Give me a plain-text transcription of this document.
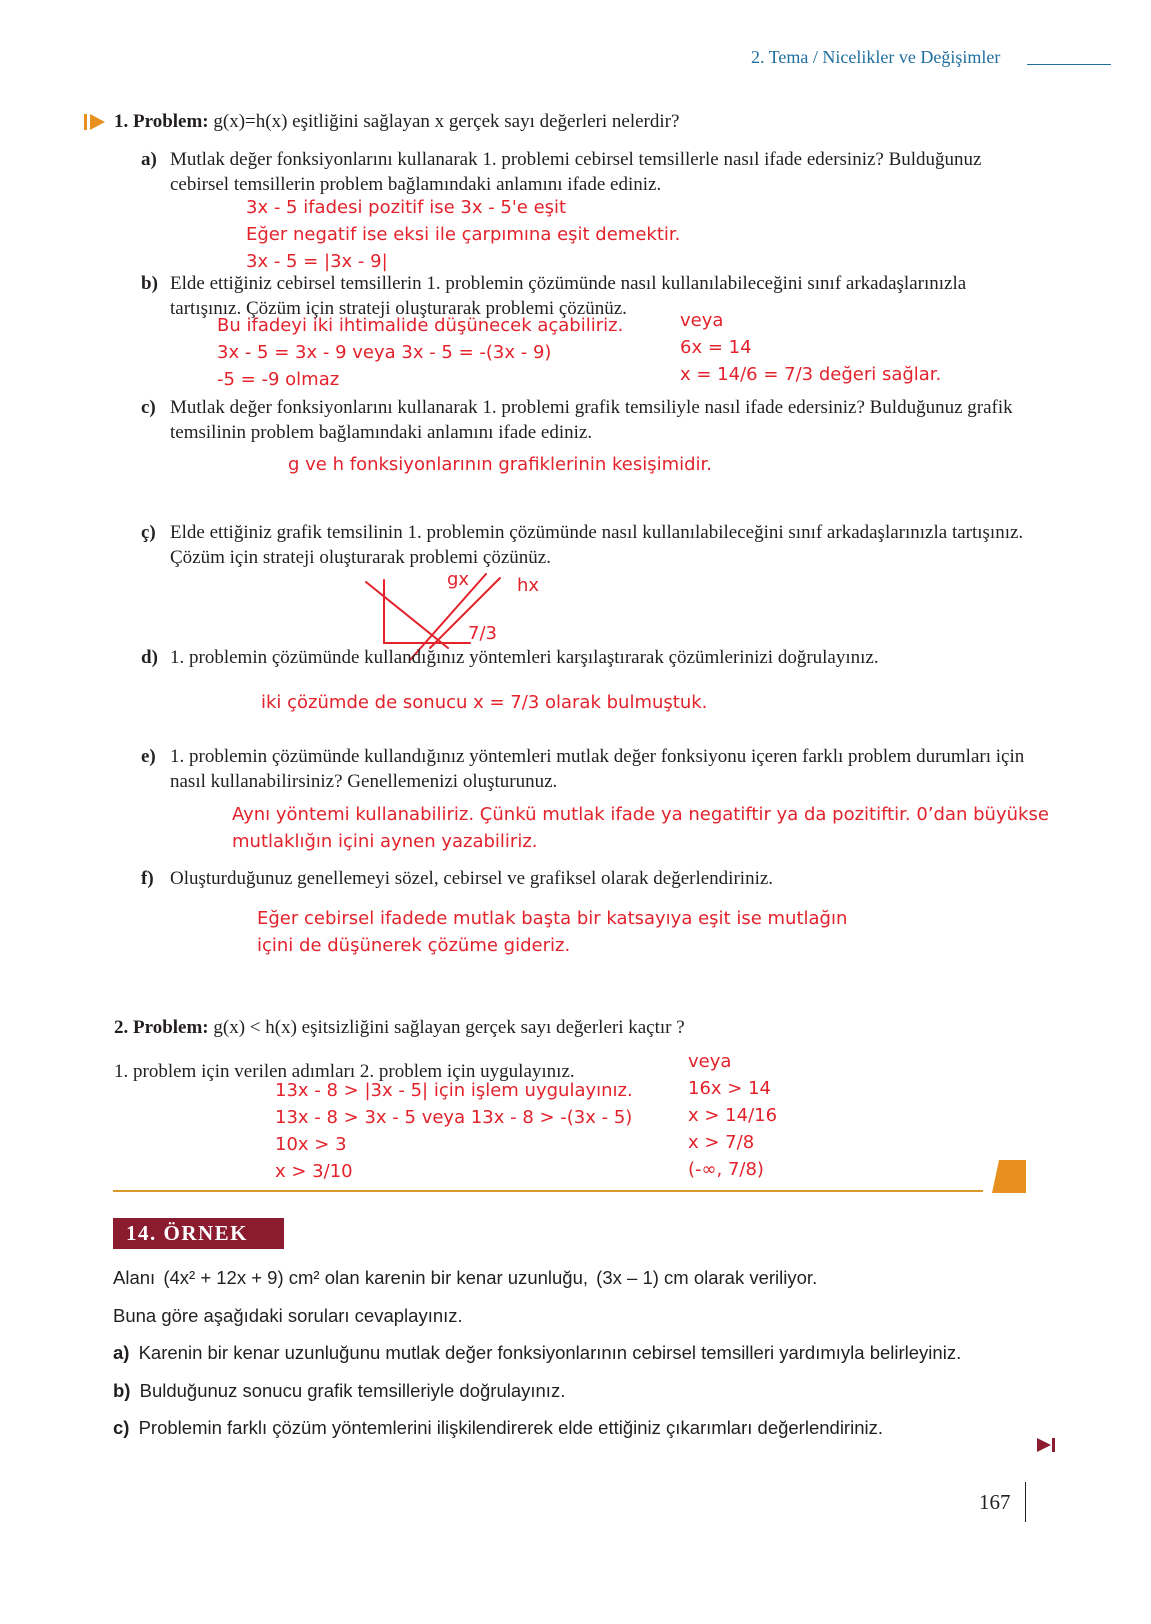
2. Tema / Nicelikler ve Değişimler
1. Problem: g(x)=h(x) eşitliğini sağlayan x gerçek sayı değerleri nelerdir?
a) Mutlak değer fonksiyonlarını kullanarak 1. problemi cebirsel temsillerle nasıl ifade edersiniz? Bulduğunuz cebirsel temsillerin problem bağlamındaki anlamını ifade ediniz.
3x - 5 ifadesi pozitif ise 3x - 5'e eşit
Eğer negatif ise eksi ile çarpımına eşit demektir.
3x - 5 = |3x - 9|
b) Elde ettiğiniz cebirsel temsillerin 1. problemin çözümünde nasıl kullanılabileceğini sınıf arkadaşlarınızla tartışınız. Çözüm için strateji oluşturarak problemi çözünüz.
Bu ifadeyi iki ihtimalide düşünecek açabiliriz.
3x - 5 = 3x - 9 veya 3x - 5 = -(3x - 9)
-5 = -9 olmaz
veya
6x = 14
x = 14/6 = 7/3 değeri sağlar.
c) Mutlak değer fonksiyonlarını kullanarak 1. problemi grafik temsiliyle nasıl ifade edersiniz? Bulduğunuz grafik temsilinin problem bağlamındaki anlamını ifade ediniz.
g ve h fonksiyonlarının grafiklerinin kesişimidir.
ç) Elde ettiğiniz grafik temsilinin 1. problemin çözümünde nasıl kullanılabileceğini sınıf arkadaşlarınızla tartışınız. Çözüm için strateji oluşturarak problemi çözünüz.
gx	hx
7/3
d) 1. problemin çözümünde kullandığınız yöntemleri karşılaştırarak çözümlerinizi doğrulayınız.
iki çözümde de sonucu x = 7/3 olarak bulmuştuk.
e) 1. problemin çözümünde kullandığınız yöntemleri mutlak değer fonksiyonu içeren farklı problem durumları için nasıl kullanabilirsiniz? Genellemenizi oluşturunuz.
Aynı yöntemi kullanabiliriz. Çünkü mutlak ifade ya negatiftir ya da pozitiftir. 0’dan büyükse
mutlaklığın içini aynen yazabiliriz.
f) Oluşturduğunuz genellemeyi sözel, cebirsel ve grafiksel olarak değerlendiriniz.
Eğer cebirsel ifadede mutlak başta bir katsayıya eşit ise mutlağın
içini de düşünerek çözüme gideriz.
2. Problem: g(x) < h(x) eşitsizliğini sağlayan gerçek sayı değerleri kaçtır ?
1. problem için verilen adımları 2. problem için uygulayınız.
13x - 8 > |3x - 5| için işlem uygulayınız.
13x - 8 > 3x - 5 veya 13x - 8 > -(3x - 5)
10x > 3
x > 3/10
veya
16x > 14
x > 14/16
x > 7/8
(-∞, 7/8)
14. ÖRNEK
Alanı (4x² + 12x + 9) cm² olan karenin bir kenar uzunluğu, (3x – 1) cm olarak veriliyor.
Buna göre aşağıdaki soruları cevaplayınız.
a) Karenin bir kenar uzunluğunu mutlak değer fonksiyonlarının cebirsel temsilleri yardımıyla belirleyiniz.
b) Bulduğunuz sonucu grafik temsilleriyle doğrulayınız.
c) Problemin farklı çözüm yöntemlerini ilişkilendirerek elde ettiğiniz çıkarımları değerlendiriniz.
167
